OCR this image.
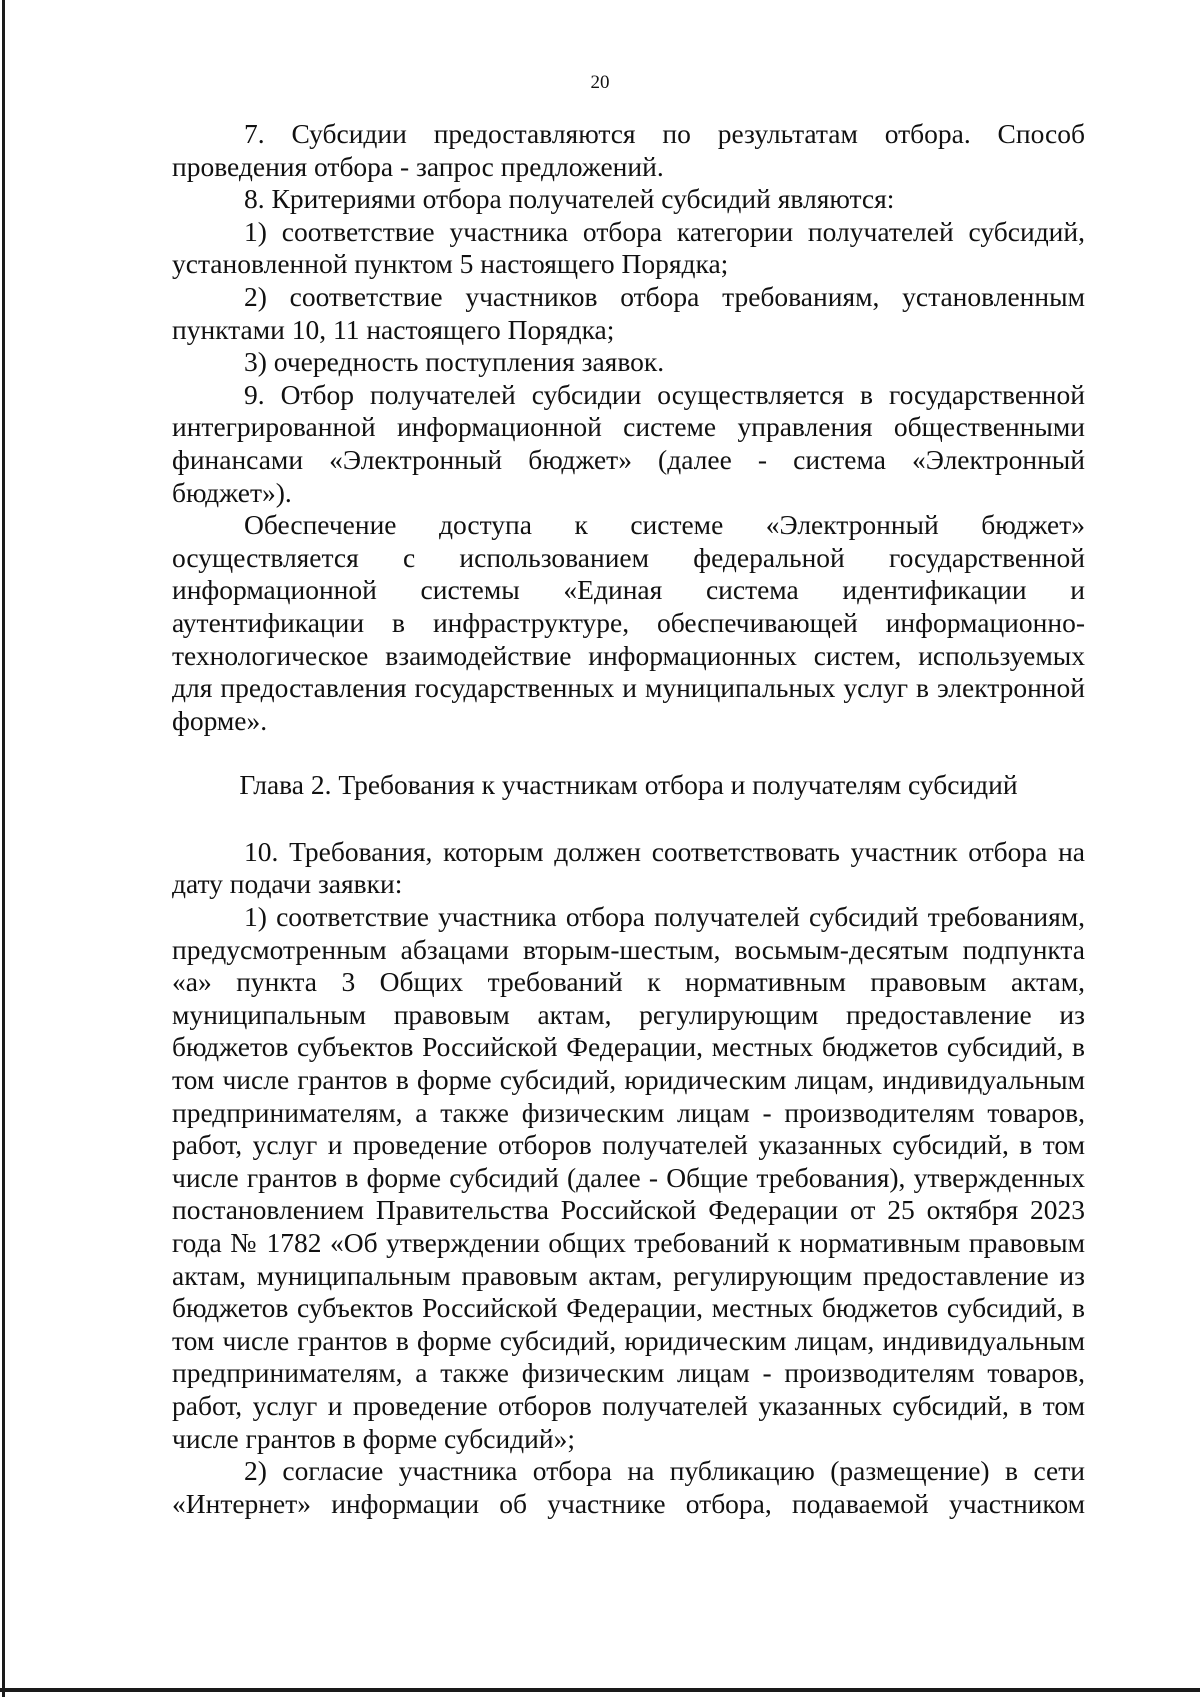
20

7. Субсидии предоставляются по результатам отбора. Способ проведения отбора - запрос предложений.

8. Критериями отбора получателей субсидий являются:

1) соответствие участника отбора категории получателей субсидий, установленной пунктом 5 настоящего Порядка;

2) соответствие участников отбора требованиям, установленным пунктами 10, 11 настоящего Порядка;

3) очередность поступления заявок.

9. Отбор получателей субсидии осуществляется в государственной интегрированной информационной системе управления общественными финансами «Электронный бюджет» (далее - система «Электронный бюджет»).

Обеспечение доступа к системе «Электронный бюджет» осуществляется с использованием федеральной государственной информационной системы «Единая система идентификации и аутентификации в инфраструктуре, обеспечивающей информационно-технологическое взаимодействие информационных систем, используемых для предоставления государственных и муниципальных услуг в электронной форме».

Глава 2. Требования к участникам отбора и получателям субсидий

10. Требования, которым должен соответствовать участник отбора на дату подачи заявки:

1) соответствие участника отбора получателей субсидий требованиям, предусмотренным абзацами вторым-шестым, восьмым-десятым подпункта «а» пункта 3 Общих требований к нормативным правовым актам, муниципальным правовым актам, регулирующим предоставление из бюджетов субъектов Российской Федерации, местных бюджетов субсидий, в том числе грантов в форме субсидий, юридическим лицам, индивидуальным предпринимателям, а также физическим лицам - производителям товаров, работ, услуг и проведение отборов получателей указанных субсидий, в том числе грантов в форме субсидий (далее - Общие требования), утвержденных постановлением Правительства Российской Федерации от 25 октября 2023 года № 1782 «Об утверждении общих требований к нормативным правовым актам, муниципальным правовым актам, регулирующим предоставление из бюджетов субъектов Российской Федерации, местных бюджетов субсидий, в том числе грантов в форме субсидий, юридическим лицам, индивидуальным предпринимателям, а также физическим лицам - производителям товаров, работ, услуг и проведение отборов получателей указанных субсидий, в том числе грантов в форме субсидий»;

2) согласие участника отбора на публикацию (размещение) в сети «Интернет» информации об участнике отбора, подаваемой участником
